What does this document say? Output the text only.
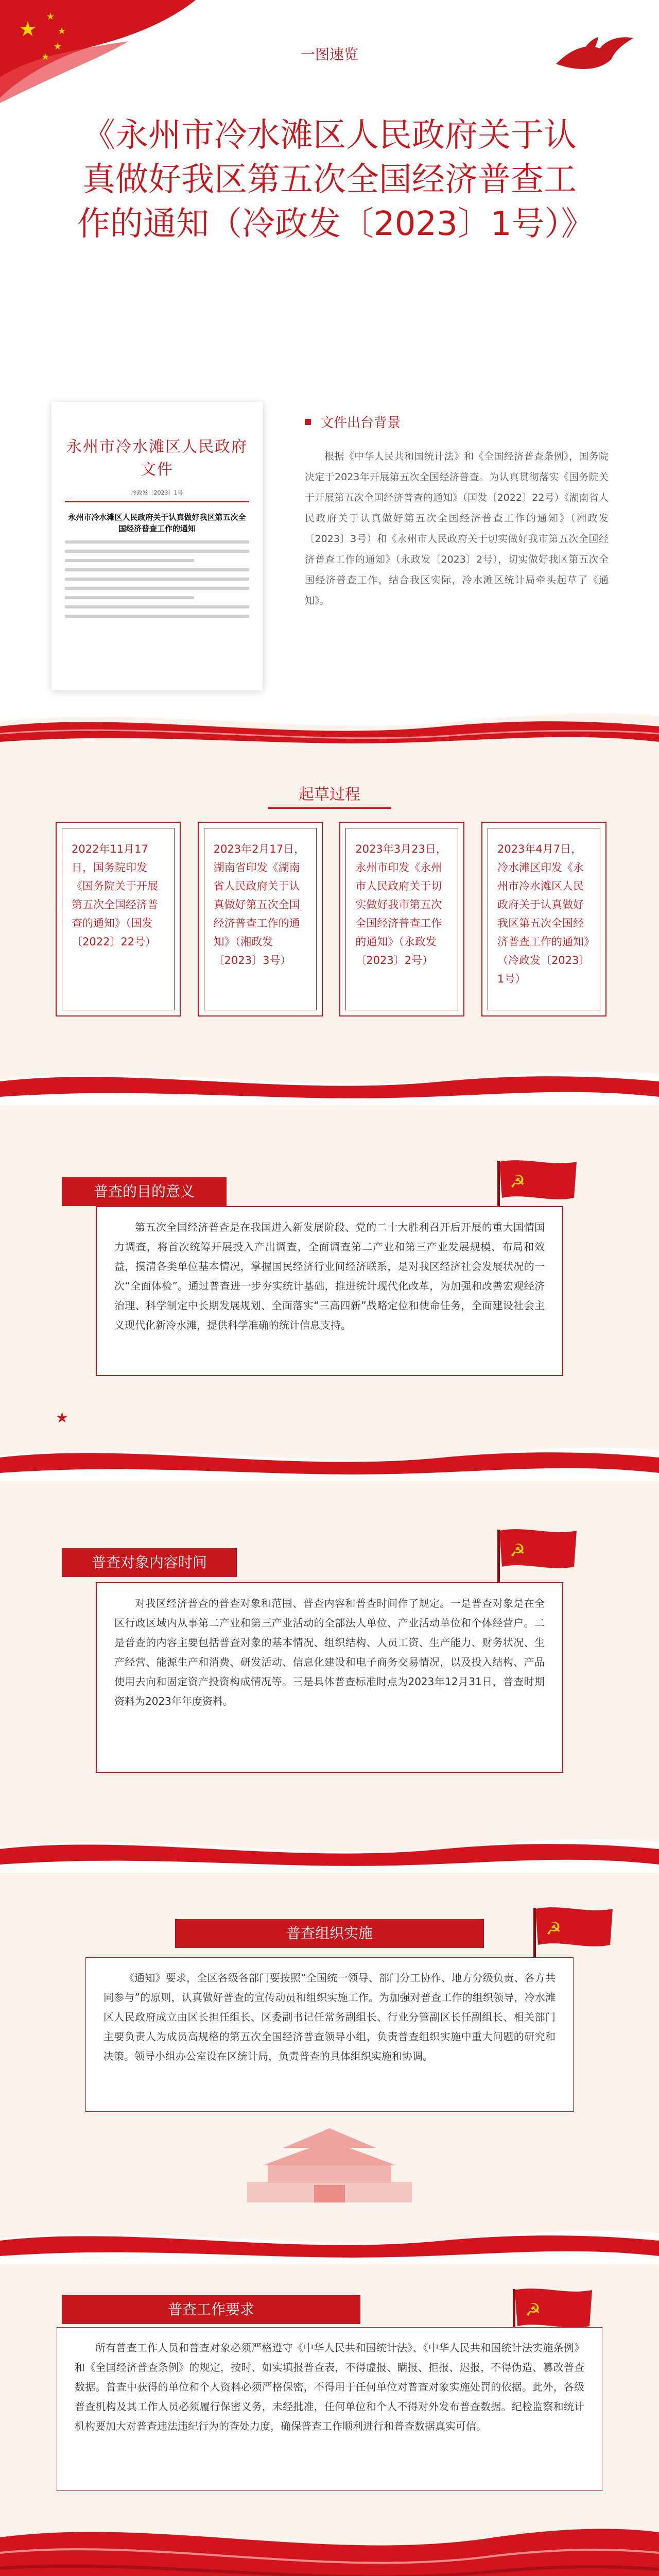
★
★
★
★
★	一图速览
《永州市冷水滩区人民政府关于认真做好我区第五次全国经济普查工作的通知（冷政发〔2023〕1号）》
永州市冷水滩区人民政府文件
冷政发〔2023〕1号
永州市冷水滩区人民政府关于认真做好我区第五次全国经济普查工作的通知
文件出台背景

根据《中华人民共和国统计法》和《全国经济普查条例》，国务院决定于2023年开展第五次全国经济普查。为认真贯彻落实《国务院关于开展第五次全国经济普查的通知》（国发〔2022〕22号）《湖南省人民政府关于认真做好第五次全国经济普查工作的通知》（湘政发〔2023〕3号）和《永州市人民政府关于切实做好我市第五次全国经济普查工作的通知》（永政发〔2023〕2号），切实做好我区第五次全国经济普查工作，结合我区实际，冷水滩区统计局牵头起草了《通知》。

起草过程
2022年11月17日，国务院印发《国务院关于开展第五次全国经济普查的通知》（国发〔2022〕22号）
2023年2月17日，湖南省印发《湖南省人民政府关于认真做好第五次全国经济普查工作的通知》（湘政发〔2023〕3号）
2023年3月23日，永州市印发《永州市人民政府关于切实做好我市第五次全国经济普查工作的通知》（永政发〔2023〕2号）
2023年4月7日，冷水滩区印发《永州市冷水滩区人民政府关于认真做好我区第五次全国经济普查工作的通知》（冷政发〔2023〕1号）
普查的目的意义	☭
第五次全国经济普查是在我国进入新发展阶段、党的二十大胜利召开后开展的重大国情国力调查，将首次统筹开展投入产出调查，全面调查第二产业和第三产业发展规模、布局和效益，摸清各类单位基本情况，掌握国民经济行业间经济联系，是对我区经济社会发展状况的一次“全面体检”。通过普查进一步夯实统计基础，推进统计现代化改革，为加强和改善宏观经济治理、科学制定中长期发展规划、全面落实“三高四新”战略定位和使命任务，全面建设社会主义现代化新冷水滩，提供科学准确的统计信息支持。
★
普查对象内容时间
☭
对我区经济普查的普查对象和范围、普查内容和普查时间作了规定。一是普查对象是在全区行政区域内从事第二产业和第三产业活动的全部法人单位、产业活动单位和个体经营户。二是普查的内容主要包括普查对象的基本情况、组织结构、人员工资、生产能力、财务状况、生产经营、能源生产和消费、研发活动、信息化建设和电子商务交易情况，以及投入结构、产品使用去向和固定资产投资构成情况等。三是具体普查标准时点为2023年12月31日，普查时期资料为2023年年度资料。
普查组织实施	☭
《通知》要求，全区各级各部门要按照“全国统一领导、部门分工协作、地方分级负责、各方共同参与”的原则，认真做好普查的宣传动员和组织实施工作。为加强对普查工作的组织领导，冷水滩区人民政府成立由区长担任组长、区委副书记任常务副组长、行业分管副区长任副组长、相关部门主要负责人为成员高规格的第五次全国经济普查领导小组，负责普查组织实施中重大问题的研究和决策。领导小组办公室设在区统计局，负责普查的具体组织实施和协调。
普查工作要求	☭
所有普查工作人员和普查对象必须严格遵守《中华人民共和国统计法》、《中华人民共和国统计法实施条例》和《全国经济普查条例》的规定，按时、如实填报普查表，不得虚报、瞒报、拒报、迟报，不得伪造、篡改普查数据。普查中获得的单位和个人资料必须严格保密，不得用于任何单位对普查对象实施处罚的依据。此外，各级普查机构及其工作人员必须履行保密义务，未经批准，任何单位和个人不得对外发布普查数据。纪检监察和统计机构要加大对普查违法违纪行为的查处力度，确保普查工作顺利进行和普查数据真实可信。
